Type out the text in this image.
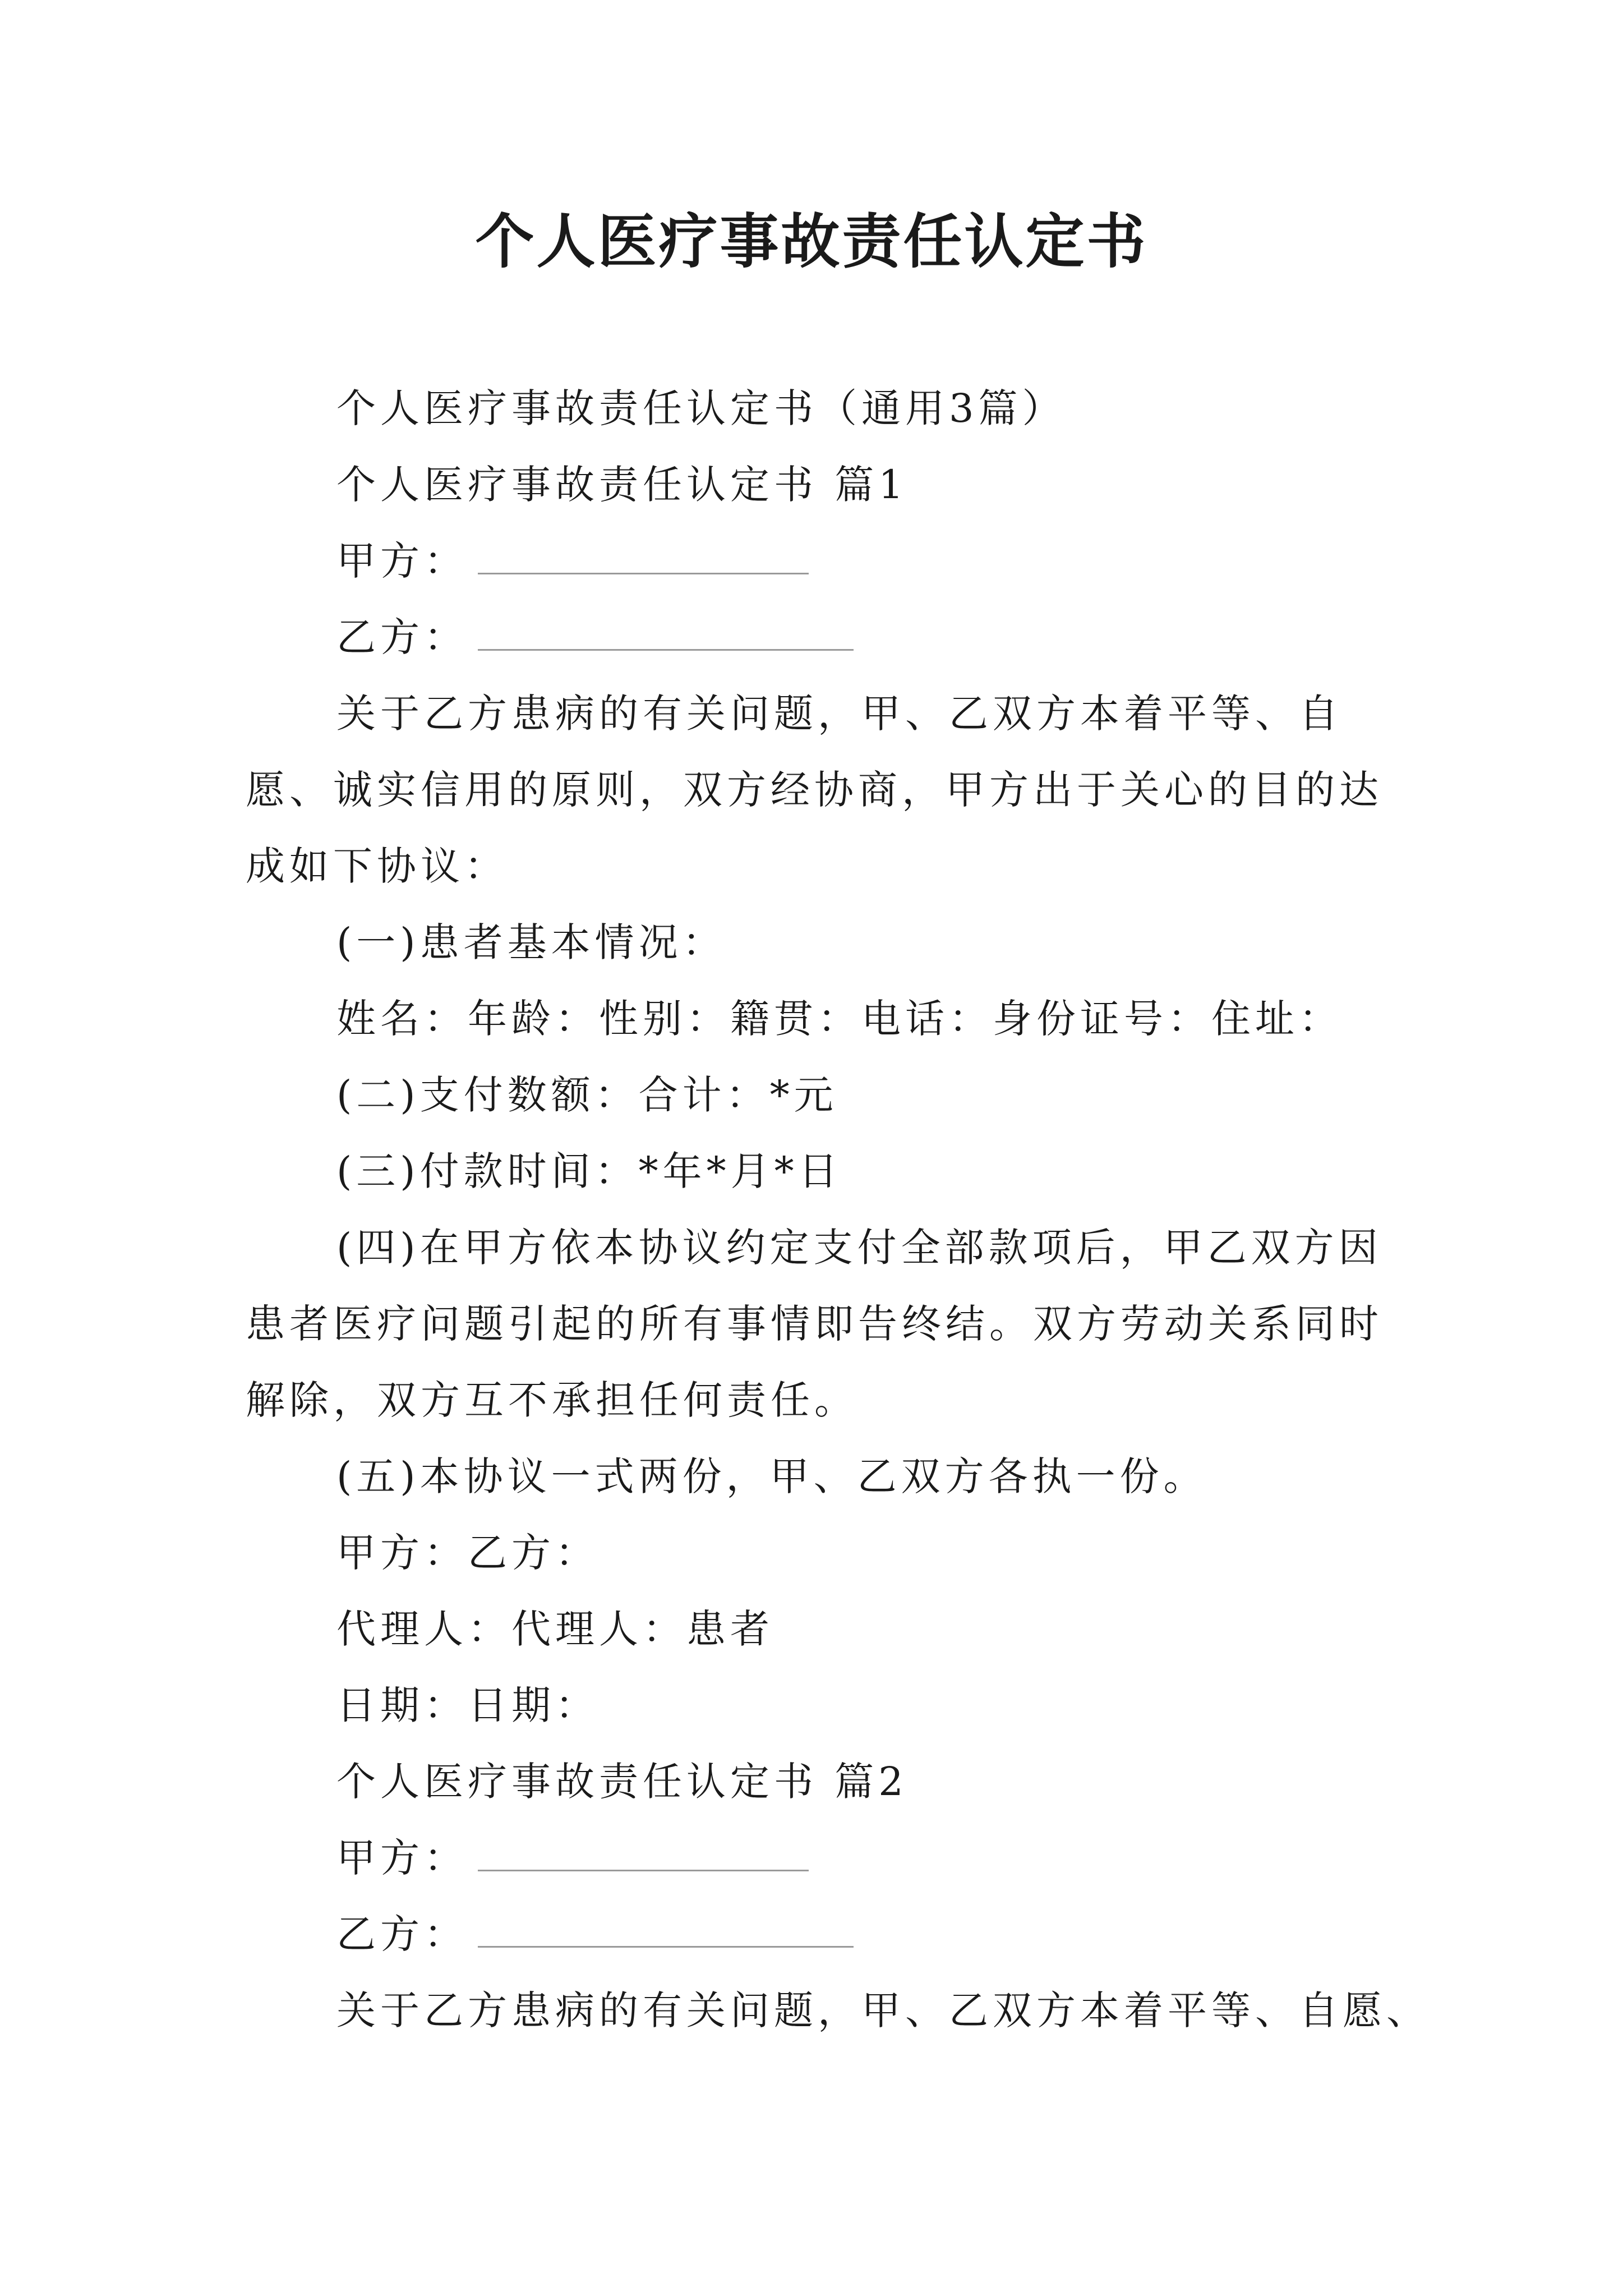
个人医疗事故责任认定书
个人医疗事故责任认定书（通用3篇）
个人医疗事故责任认定书 篇1
甲方：
乙方：

关于乙方患病的有关问题，甲、乙双方本着平等、自愿、诚实信用的原则，双方经协商，甲方出于关心的目的达成如下协议：

(一)患者基本情况：
姓名：年龄：性别：籍贯：电话：身份证号：住址：
(二)支付数额：合计：*元
(三)付款时间：*年*月*日

(四)在甲方依本协议约定支付全部款项后，甲乙双方因患者医疗问题引起的所有事情即告终结。双方劳动关系同时解除，双方互不承担任何责任。

(五)本协议一式两份，甲、乙双方各执一份。
甲方：乙方：
代理人：代理人：患者
日期：日期：
个人医疗事故责任认定书 篇2
甲方：
乙方：
关于乙方患病的有关问题，甲、乙双方本着平等、自愿、
